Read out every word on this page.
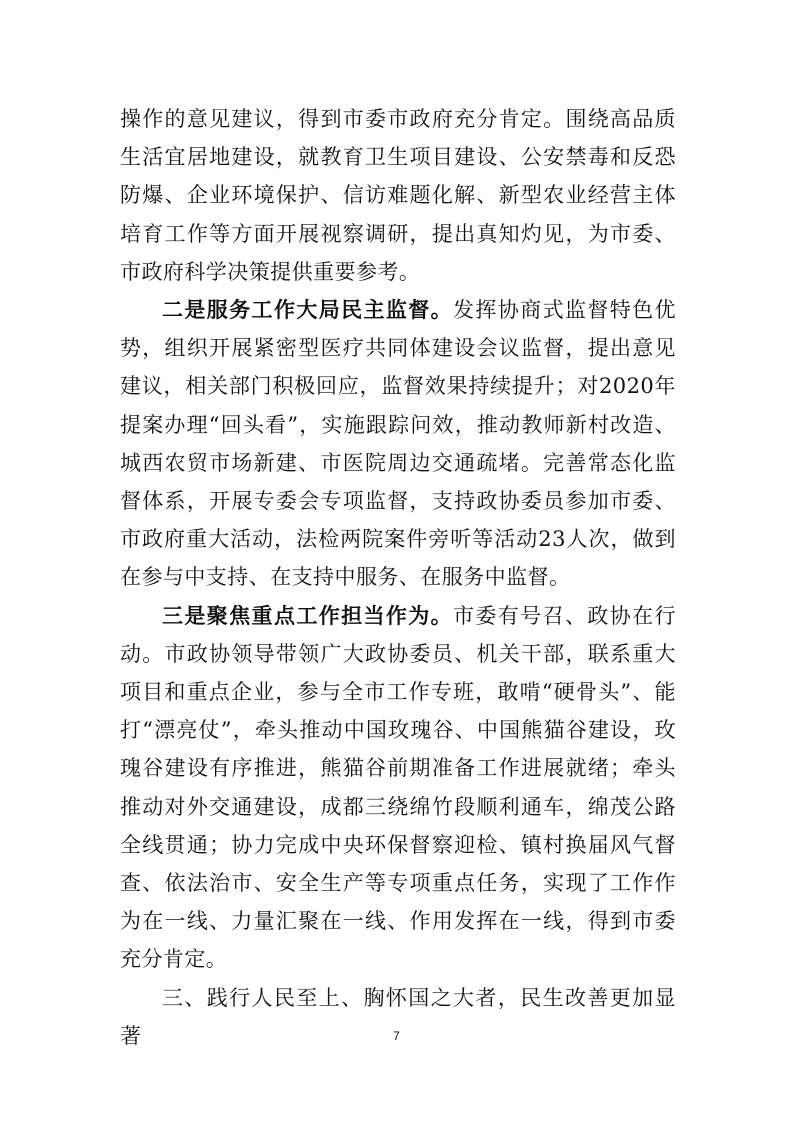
操作的意见建议，得到市委市政府充分肯定。围绕高品质生活宜居地建设，就教育卫生项目建设、公安禁毒和反恐防爆、企业环境保护、信访难题化解、新型农业经营主体培育工作等方面开展视察调研，提出真知灼见，为市委、市政府科学决策提供重要参考。

二是服务工作大局民主监督。发挥协商式监督特色优势，组织开展紧密型医疗共同体建设会议监督，提出意见建议，相关部门积极回应，监督效果持续提升；对2020年提案办理“回头看”，实施跟踪问效，推动教师新村改造、城西农贸市场新建、市医院周边交通疏堵。完善常态化监督体系，开展专委会专项监督，支持政协委员参加市委、市政府重大活动，法检两院案件旁听等活动23人次，做到在参与中支持、在支持中服务、在服务中监督。

三是聚焦重点工作担当作为。市委有号召、政协在行动。市政协领导带领广大政协委员、机关干部，联系重大项目和重点企业，参与全市工作专班，敢啃“硬骨头”、能打“漂亮仗”，牵头推动中国玫瑰谷、中国熊猫谷建设，玫瑰谷建设有序推进，熊猫谷前期准备工作进展就绪；牵头推动对外交通建设，成都三绕绵竹段顺利通车，绵茂公路全线贯通；协力完成中央环保督察迎检、镇村换届风气督查、依法治市、安全生产等专项重点任务，实现了工作作为在一线、力量汇聚在一线、作用发挥在一线，得到市委充分肯定。

三、践行人民至上、胸怀国之大者，民生改善更加显著	7
